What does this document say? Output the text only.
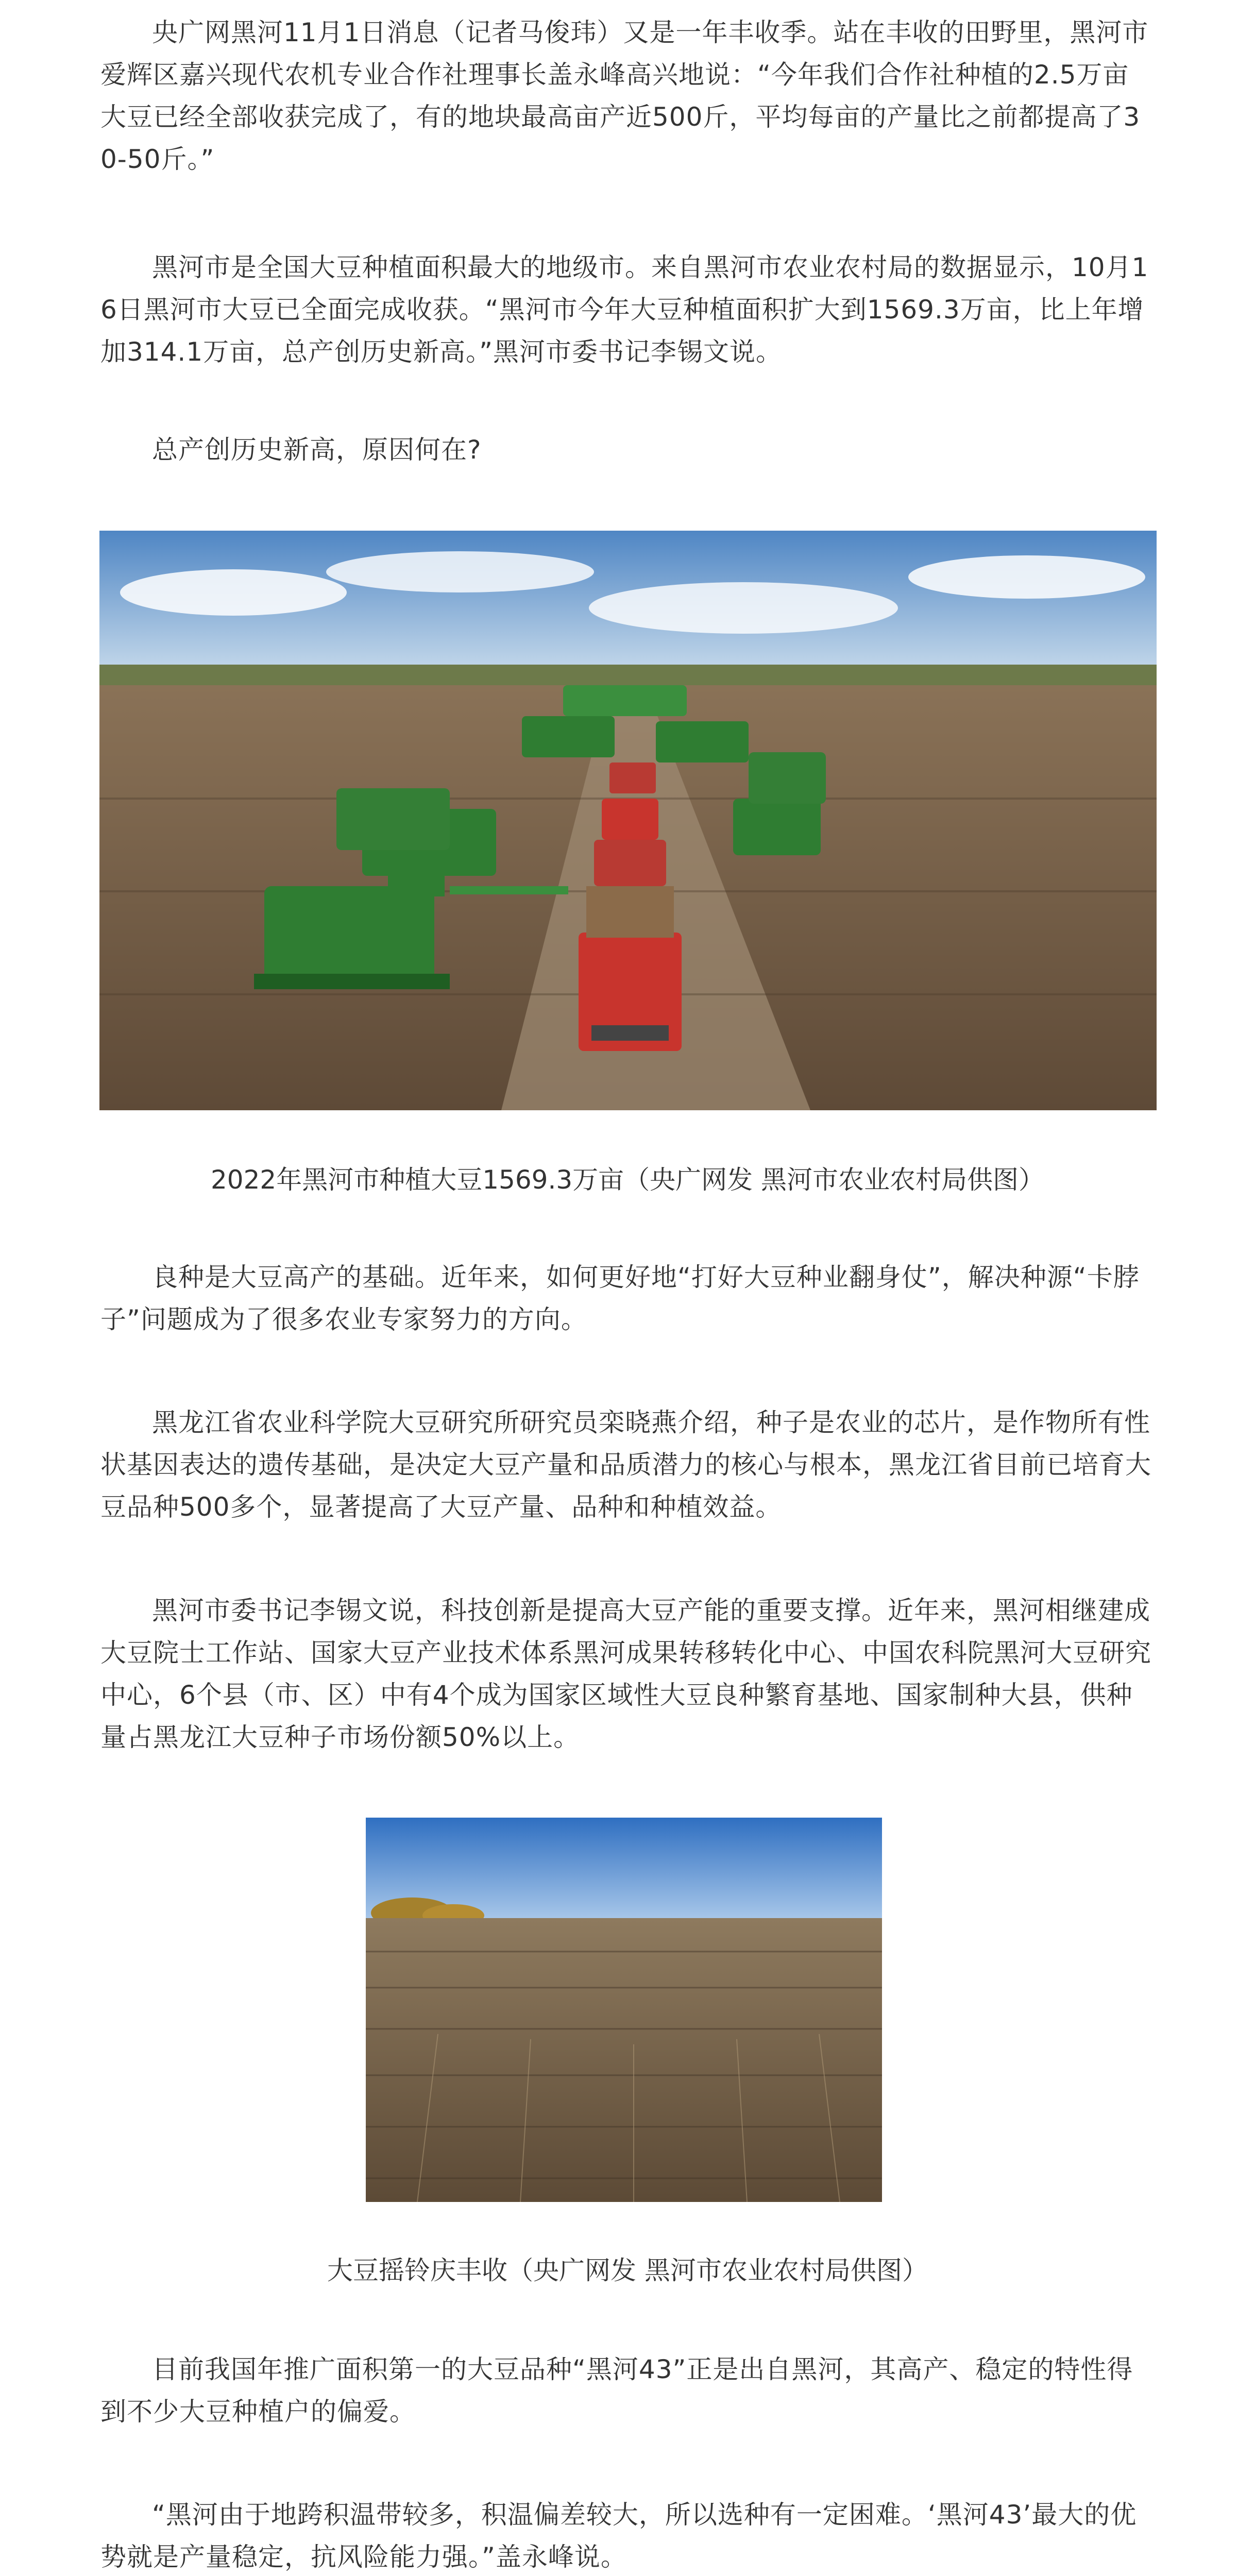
央广网黑河11月1日消息（记者马俊玮）又是一年丰收季。站在丰收的田野里，黑河市爱辉区嘉兴现代农机专业合作社理事长盖永峰高兴地说：“今年我们合作社种植的2.5万亩大豆已经全部收获完成了，有的地块最高亩产近500斤，平均每亩的产量比之前都提高了30-50斤。”

黑河市是全国大豆种植面积最大的地级市。来自黑河市农业农村局的数据显示，10月16日黑河市大豆已全面完成收获。“黑河市今年大豆种植面积扩大到1569.3万亩，比上年增加314.1万亩，总产创历史新高。”黑河市委书记李锡文说。

总产创历史新高，原因何在?

2022年黑河市种植大豆1569.3万亩（央广网发 黑河市农业农村局供图）

良种是大豆高产的基础。近年来，如何更好地“打好大豆种业翻身仗”，解决种源“卡脖子”问题成为了很多农业专家努力的方向。

黑龙江省农业科学院大豆研究所研究员栾晓燕介绍，种子是农业的芯片，是作物所有性状基因表达的遗传基础，是决定大豆产量和品质潜力的核心与根本，黑龙江省目前已培育大豆品种500多个，显著提高了大豆产量、品种和种植效益。

黑河市委书记李锡文说，科技创新是提高大豆产能的重要支撑。近年来，黑河相继建成大豆院士工作站、国家大豆产业技术体系黑河成果转移转化中心、中国农科院黑河大豆研究中心，6个县（市、区）中有4个成为国家区域性大豆良种繁育基地、国家制种大县，供种量占黑龙江大豆种子市场份额50%以上。

大豆摇铃庆丰收（央广网发 黑河市农业农村局供图）

目前我国年推广面积第一的大豆品种“黑河43”正是出自黑河，其高产、稳定的特性得到不少大豆种植户的偏爱。

“黑河由于地跨积温带较多，积温偏差较大，所以选种有一定困难。‘黑河43’最大的优势就是产量稳定，抗风险能力强。”盖永峰说。
